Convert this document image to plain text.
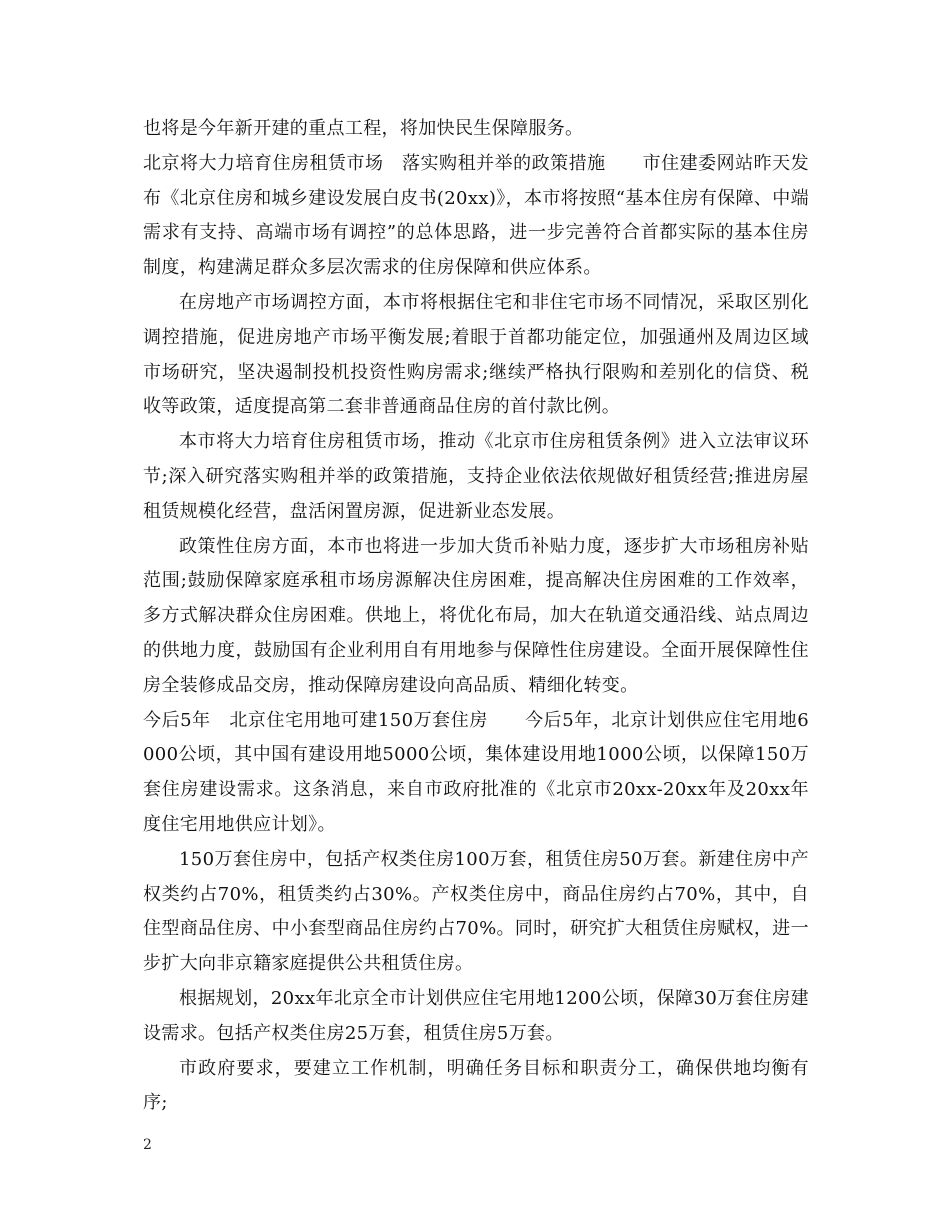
也将是今年新开建的重点工程，将加快民生保障服务。

北京将大力培育住房租赁市场　落实购租并举的政策措施　　市住建委网站昨天发布《北京住房和城乡建设发展白皮书(20xx)》，本市将按照“基本住房有保障、中端需求有支持、高端市场有调控”的总体思路，进一步完善符合首都实际的基本住房制度，构建满足群众多层次需求的住房保障和供应体系。

在房地产市场调控方面，本市将根据住宅和非住宅市场不同情况，采取区别化调控措施，促进房地产市场平衡发展;着眼于首都功能定位，加强通州及周边区域市场研究，坚决遏制投机投资性购房需求;继续严格执行限购和差别化的信贷、税收等政策，适度提高第二套非普通商品住房的首付款比例。

本市将大力培育住房租赁市场，推动《北京市住房租赁条例》进入立法审议环节;深入研究落实购租并举的政策措施，支持企业依法依规做好租赁经营;推进房屋租赁规模化经营，盘活闲置房源，促进新业态发展。

政策性住房方面，本市也将进一步加大货币补贴力度，逐步扩大市场租房补贴范围;鼓励保障家庭承租市场房源解决住房困难，提高解决住房困难的工作效率，多方式解决群众住房困难。供地上，将优化布局，加大在轨道交通沿线、站点周边的供地力度，鼓励国有企业利用自有用地参与保障性住房建设。全面开展保障性住房全装修成品交房，推动保障房建设向高品质、精细化转变。

今后5年　北京住宅用地可建150万套住房　　今后5年，北京计划供应住宅用地6000公顷，其中国有建设用地5000公顷，集体建设用地1000公顷，以保障150万套住房建设需求。这条消息，来自市政府批准的《北京市20xx-20xx年及20xx年度住宅用地供应计划》。

150万套住房中，包括产权类住房100万套，租赁住房50万套。新建住房中产权类约占70%，租赁类约占30%。产权类住房中，商品住房约占70%，其中，自住型商品住房、中小套型商品住房约占70%。同时，研究扩大租赁住房赋权，进一步扩大向非京籍家庭提供公共租赁住房。

根据规划，20xx年北京全市计划供应住宅用地1200公顷，保障30万套住房建设需求。包括产权类住房25万套，租赁住房5万套。

市政府要求，要建立工作机制，明确任务目标和职责分工，确保供地均衡有序;

2
